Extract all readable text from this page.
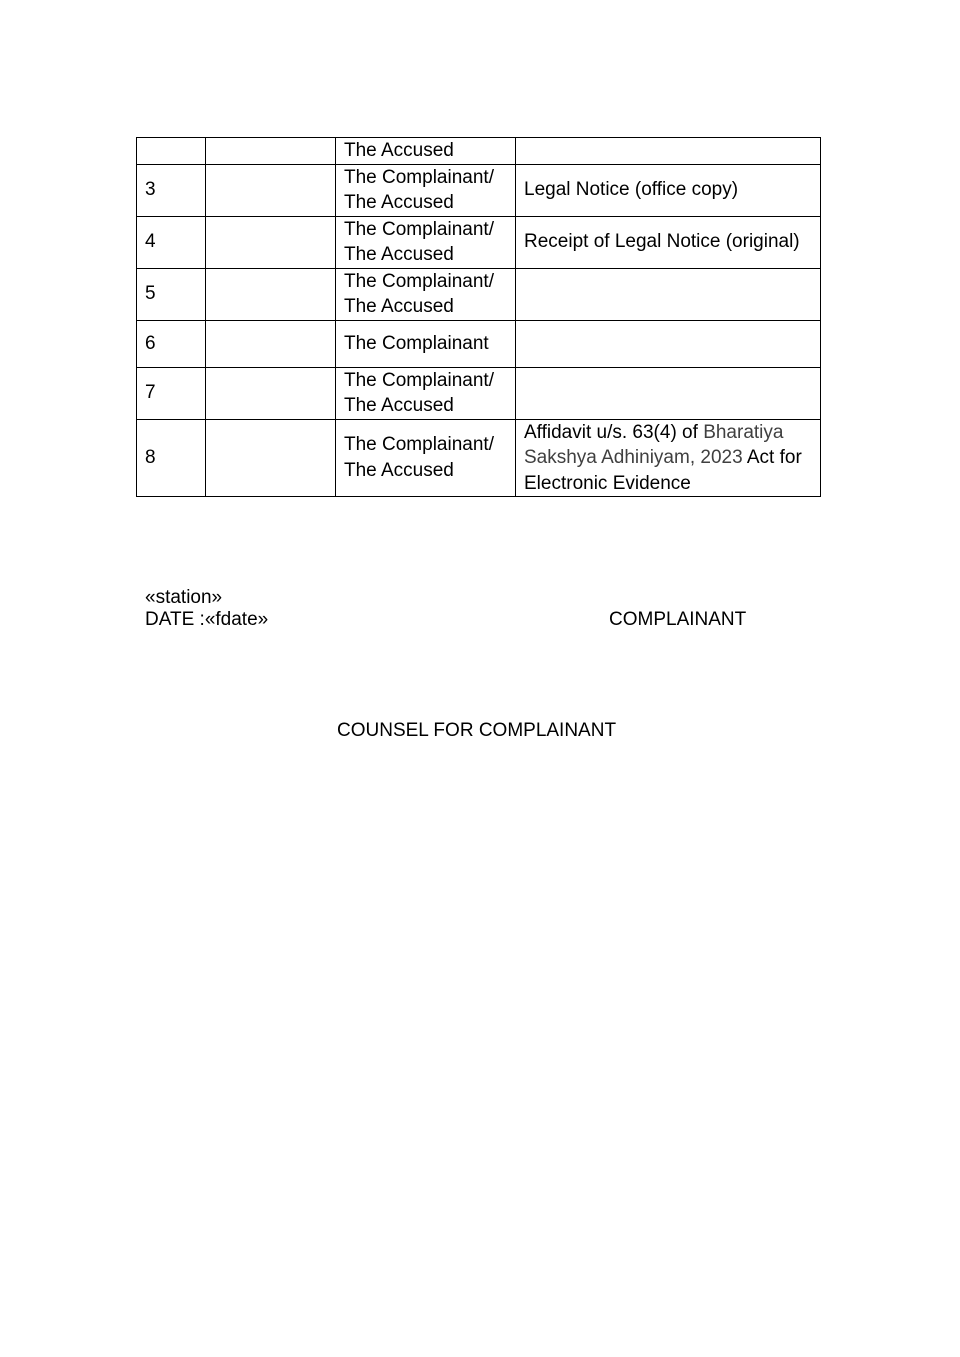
		The Accused	

3		The Complainant/
The Accused	Legal Notice (office copy)
4		The Complainant/
The Accused	Receipt of Legal Notice (original)
5		The Complainant/
The Accused	

6		The Complainant	

7		The Complainant/
The Accused	

8		The Complainant/
The Accused	Affidavit u/s. 63(4) of Bharatiya Sakshya Adhiniyam, 2023 Act for Electronic Evidence
«station»
DATE :«fdate»	COMPLAINANT
COUNSEL FOR COMPLAINANT
